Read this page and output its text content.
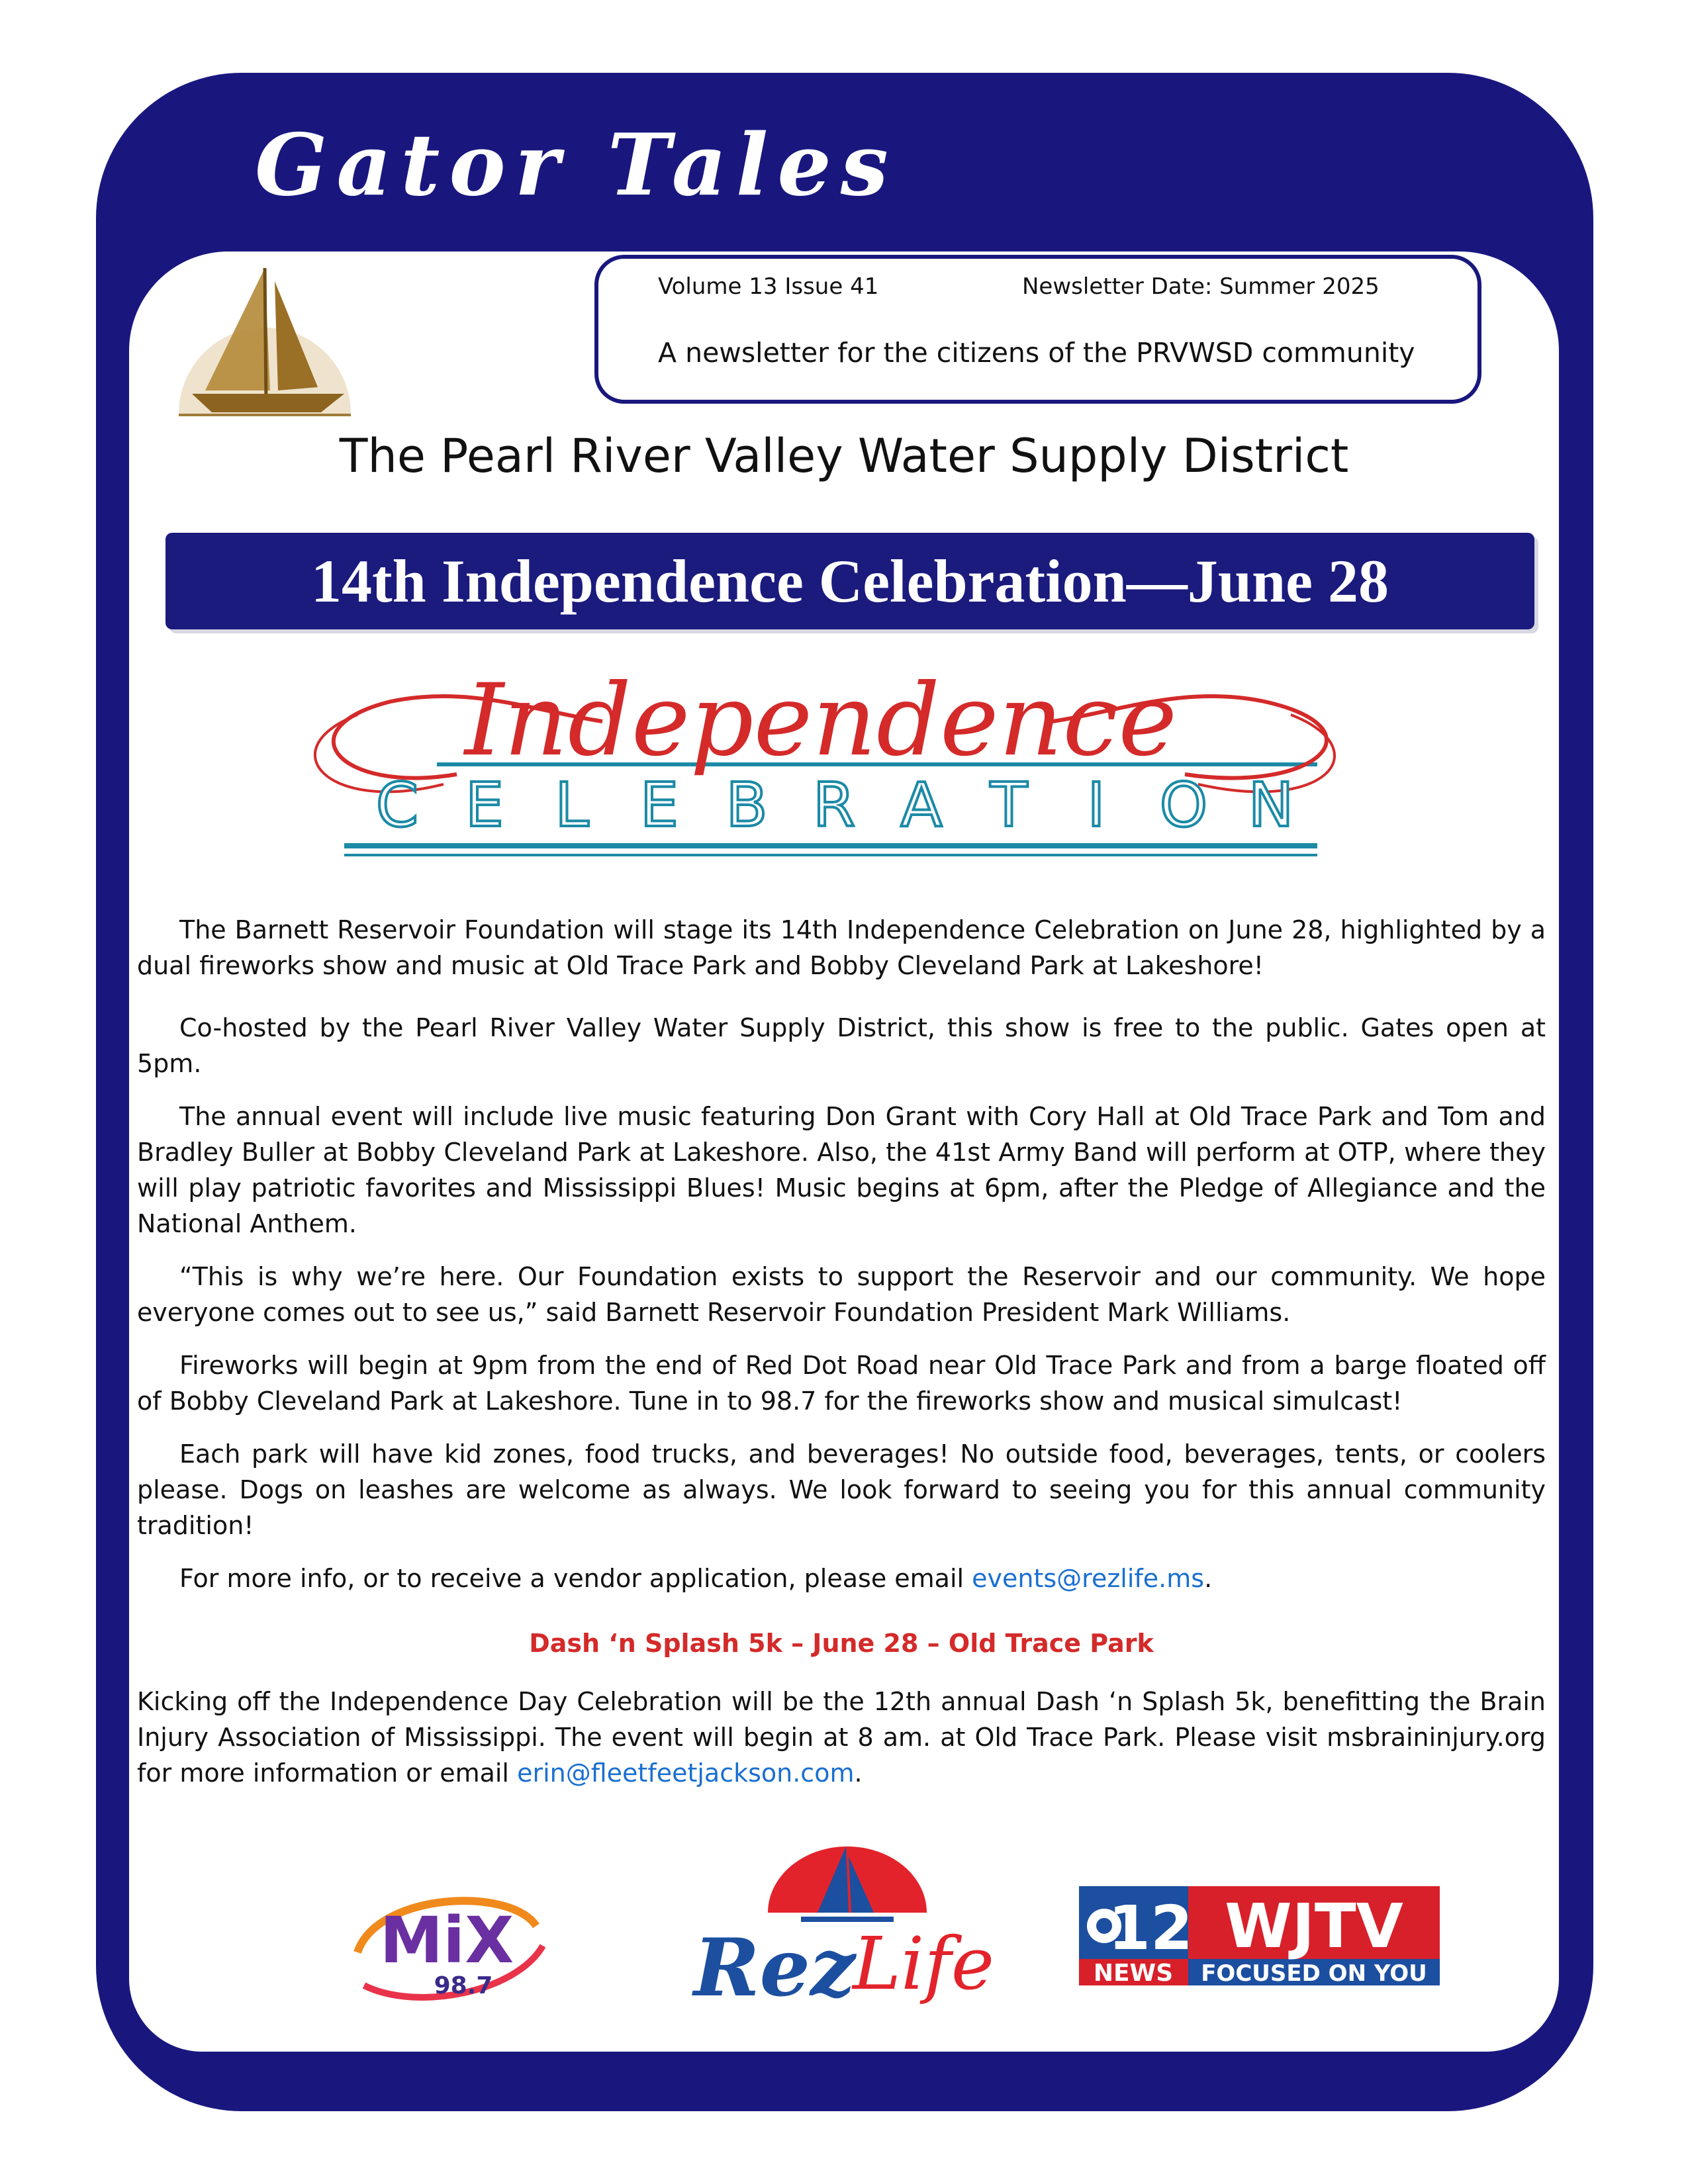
Gator Tales
Volume 13 Issue 41	Newsletter Date: Summer 2025
A newsletter for the citizens of the PRVWSD community
The Pearl River Valley Water Supply District
14th Independence Celebration—June 28
Independence
C E L E B R A T I O N

The Barnett Reservoir Foundation will stage its 14th Independence Celebration on June 28, highlighted by a dual fireworks show and music at Old Trace Park and Bobby Cleveland Park at Lakeshore!

Co-hosted by the Pearl River Valley Water Supply District, this show is free to the public. Gates open at 5pm.

The annual event will include live music featuring Don Grant with Cory Hall at Old Trace Park and Tom and Bradley Buller at Bobby Cleveland Park at Lakeshore. Also, the 41st Army Band will perform at OTP, where they will play patriotic favorites and Mississippi Blues! Music begins at 6pm, after the Pledge of Allegiance and the National Anthem.

“This is why we’re here. Our Foundation exists to support the Reservoir and our community. We hope everyone comes out to see us,” said Barnett Reservoir Foundation President Mark Williams.

Fireworks will begin at 9pm from the end of Red Dot Road near Old Trace Park and from a barge floated off of Bobby Cleveland Park at Lakeshore. Tune in to 98.7 for the fireworks show and musical simulcast!

Each park will have kid zones, food trucks, and beverages! No outside food, beverages, tents, or coolers please. Dogs on leashes are welcome as always. We look forward to seeing you for this annual community tradition!

For more info, or to receive a vendor application, please email events@rezlife.ms.

Dash ‘n Splash 5k – June 28 – Old Trace Park

Kicking off the Independence Day Celebration will be the 12th annual Dash ‘n Splash 5k, benefitting the Brain Injury Association of Mississippi. The event will begin at 8 am. at Old Trace Park. Please visit msbraininjury.org for more information or email erin@fleetfeetjackson.com.

MiX
98.7	Rez
Life 12 WJTV
NEWS FOCUSED ON YOU
